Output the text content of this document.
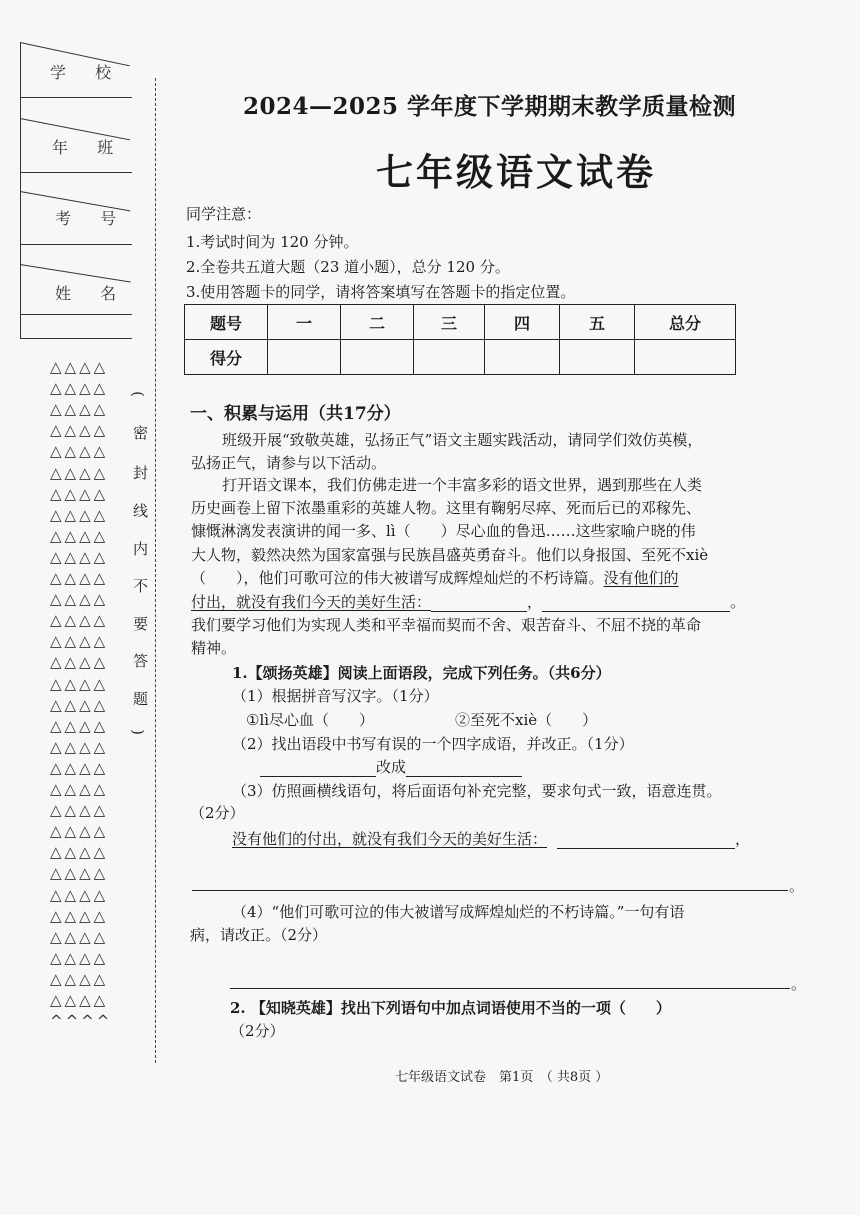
学 校
年 班
考 号
姓 名
△△△△
△△△△
△△△△
△△△△
△△△△
△△△△
△△△△
△△△△
△△△△
△△△△
△△△△
△△△△
△△△△
△△△△
△△△△
△△△△
△△△△
△△△△
△△△△
△△△△
△△△△
△△△△
△△△△
△△△△
△△△△
△△△△
△△△△
△△△△
△△△△
△△△△
△△△△
^^^^
(
密
封
线
内
不
要
答
题
)
2024—2025 学年度下学期期末教学质量检测
七年级语文试卷
同学注意：
1.考试时间为 120 分钟。
2.全卷共五道大题（23 道小题），总分 120 分。
3.使用答题卡的同学，请将答案填写在答题卡的指定位置。
题号	一	二	三	四	五	总分
得分						
一、积累与运用（共17分）
班级开展“致敬英雄，弘扬正气”语文主题实践活动，请同学们效仿英模，
弘扬正气，请参与以下活动。
打开语文课本，我们仿佛走进一个丰富多彩的语文世界，遇到那些在人类
历史画卷上留下浓墨重彩的英雄人物。这里有鞠躬尽瘁、死而后已的邓稼先、
慷慨淋漓发表演讲的闻一多、lì（　　）尽心血的鲁迅……这些家喻户晓的伟
大人物，毅然决然为国家富强与民族昌盛英勇奋斗。他们以身报国、至死不xiè
（　　），他们可歌可泣的伟大被谱写成辉煌灿烂的不朽诗篇。没有他们的
付出，就没有我们今天的美好生活：	，	。
我们要学习他们为实现人类和平幸福而契而不舍、艰苦奋斗、不屈不挠的革命
精神。
1.【颂扬英雄】阅读上面语段，完成下列任务。（共6分）
（1）根据拼音写汉字。（1分）
①lì尽心血（　　）	②至死不xiè（　　）
（2）找出语段中书写有误的一个四字成语，并改正。（1分）
改成
（3）仿照画横线语句，将后面语句补充完整，要求句式一致，语意连贯。
（2分）
没有他们的付出，就没有我们今天的美好生活：	，
。
（4）“他们可歌可泣的伟大被谱写成辉煌灿烂的不朽诗篇。”一句有语
病，请改正。（2分）
。
2. 【知晓英雄】找出下列语句中加点词语使用不当的一项（　　）
（2分）
七年级语文试卷　第1页　（ 共8页 ）
